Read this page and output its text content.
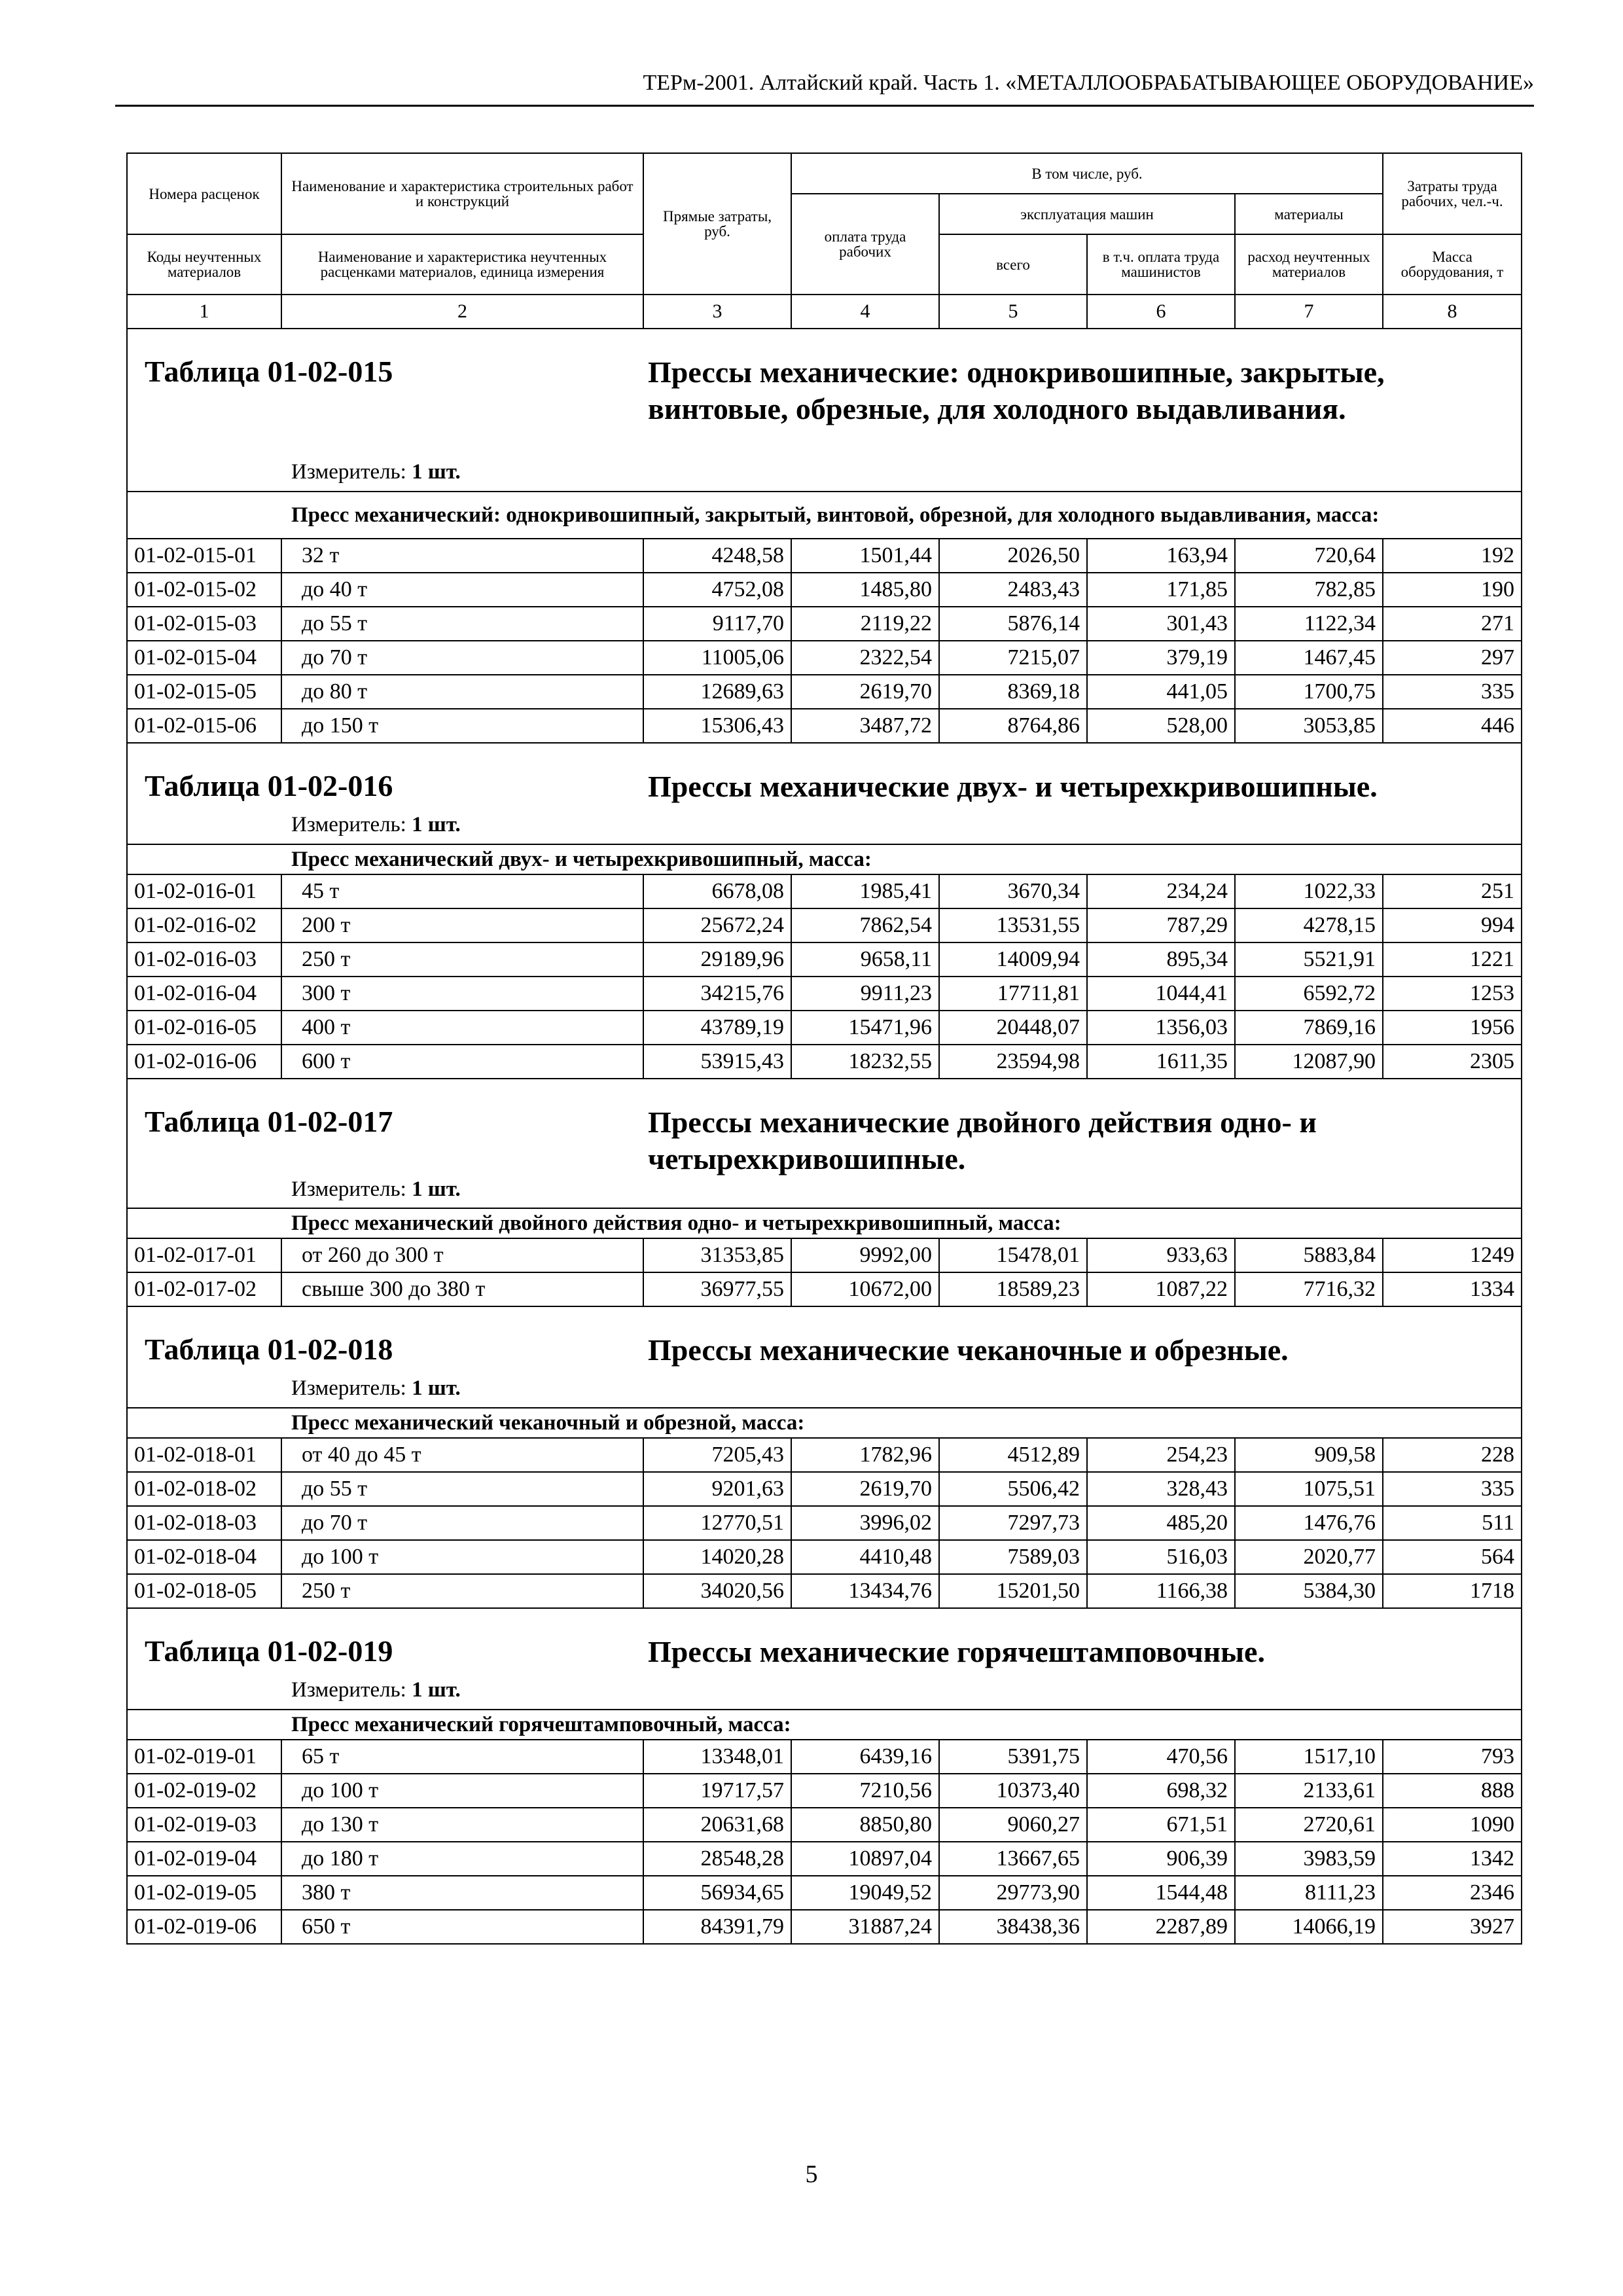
ТЕРм-2001. Алтайский край. Часть 1. «МЕТАЛЛООБРАБАТЫВАЮЩЕЕ ОБОРУДОВАНИЕ»
Номера расценок	Наименование и характеристика строительных работ и конструкций	Прямые затраты, руб.	В том числе, руб.				Затраты труда рабочих, чел.-ч.
			оплата труда рабочих	эксплуатация машин		материалы	
Коды неучтенных материалов	Наименование и характеристика неучтенных расценками материалов, единица измерения			всего	в т.ч. оплата труда машинистов	расход неучтенных материалов	Масса оборудования, т
1	2	3	4	5	6	7	8

Таблица 01-02-015 Прессы механические: однокривошипные, закрытые, винтовые, обрезные, для холодного выдавливания.
Измеритель: 1 шт.							

Пресс механический: однокривошипный, закрытый, винтовой, обрезной, для холодного выдавливания, масса:							
01-02-015-01	32 т	4248,58	1501,44	2026,50	163,94	720,64	192
01-02-015-02	до 40 т	4752,08	1485,80	2483,43	171,85	782,85	190
01-02-015-03	до 55 т	9117,70	2119,22	5876,14	301,43	1122,34	271
01-02-015-04	до 70 т	11005,06	2322,54	7215,07	379,19	1467,45	297
01-02-015-05	до 80 т	12689,63	2619,70	8369,18	441,05	1700,75	335
01-02-015-06	до 150 т	15306,43	3487,72	8764,86	528,00	3053,85	446

Таблица 01-02-016 Прессы механические двух- и четырехкривошипные.
Измеритель: 1 шт.							

Пресс механический двух- и четырехкривошипный, масса:							
01-02-016-01	45 т	6678,08	1985,41	3670,34	234,24	1022,33	251
01-02-016-02	200 т	25672,24	7862,54	13531,55	787,29	4278,15	994
01-02-016-03	250 т	29189,96	9658,11	14009,94	895,34	5521,91	1221
01-02-016-04	300 т	34215,76	9911,23	17711,81	1044,41	6592,72	1253
01-02-016-05	400 т	43789,19	15471,96	20448,07	1356,03	7869,16	1956
01-02-016-06	600 т	53915,43	18232,55	23594,98	1611,35	12087,90	2305

Таблица 01-02-017 Прессы механические двойного действия одно- и четырехкривошипные.
Измеритель: 1 шт.							

Пресс механический двойного действия одно- и четырехкривошипный, масса:							
01-02-017-01	от 260 до 300 т	31353,85	9992,00	15478,01	933,63	5883,84	1249
01-02-017-02	свыше 300 до 380 т	36977,55	10672,00	18589,23	1087,22	7716,32	1334

Таблица 01-02-018 Прессы механические чеканочные и обрезные.
Измеритель: 1 шт.							

Пресс механический чеканочный и обрезной, масса:							
01-02-018-01	от 40 до 45 т	7205,43	1782,96	4512,89	254,23	909,58	228
01-02-018-02	до 55 т	9201,63	2619,70	5506,42	328,43	1075,51	335
01-02-018-03	до 70 т	12770,51	3996,02	7297,73	485,20	1476,76	511
01-02-018-04	до 100 т	14020,28	4410,48	7589,03	516,03	2020,77	564
01-02-018-05	250 т	34020,56	13434,76	15201,50	1166,38	5384,30	1718

Таблица 01-02-019 Прессы механические горячештамповочные.
Измеритель: 1 шт.							

Пресс механический горячештамповочный, масса:							
01-02-019-01	65 т	13348,01	6439,16	5391,75	470,56	1517,10	793
01-02-019-02	до 100 т	19717,57	7210,56	10373,40	698,32	2133,61	888
01-02-019-03	до 130 т	20631,68	8850,80	9060,27	671,51	2720,61	1090
01-02-019-04	до 180 т	28548,28	10897,04	13667,65	906,39	3983,59	1342
01-02-019-05	380 т	56934,65	19049,52	29773,90	1544,48	8111,23	2346
01-02-019-06	650 т	84391,79	31887,24	38438,36	2287,89	14066,19	3927
5
